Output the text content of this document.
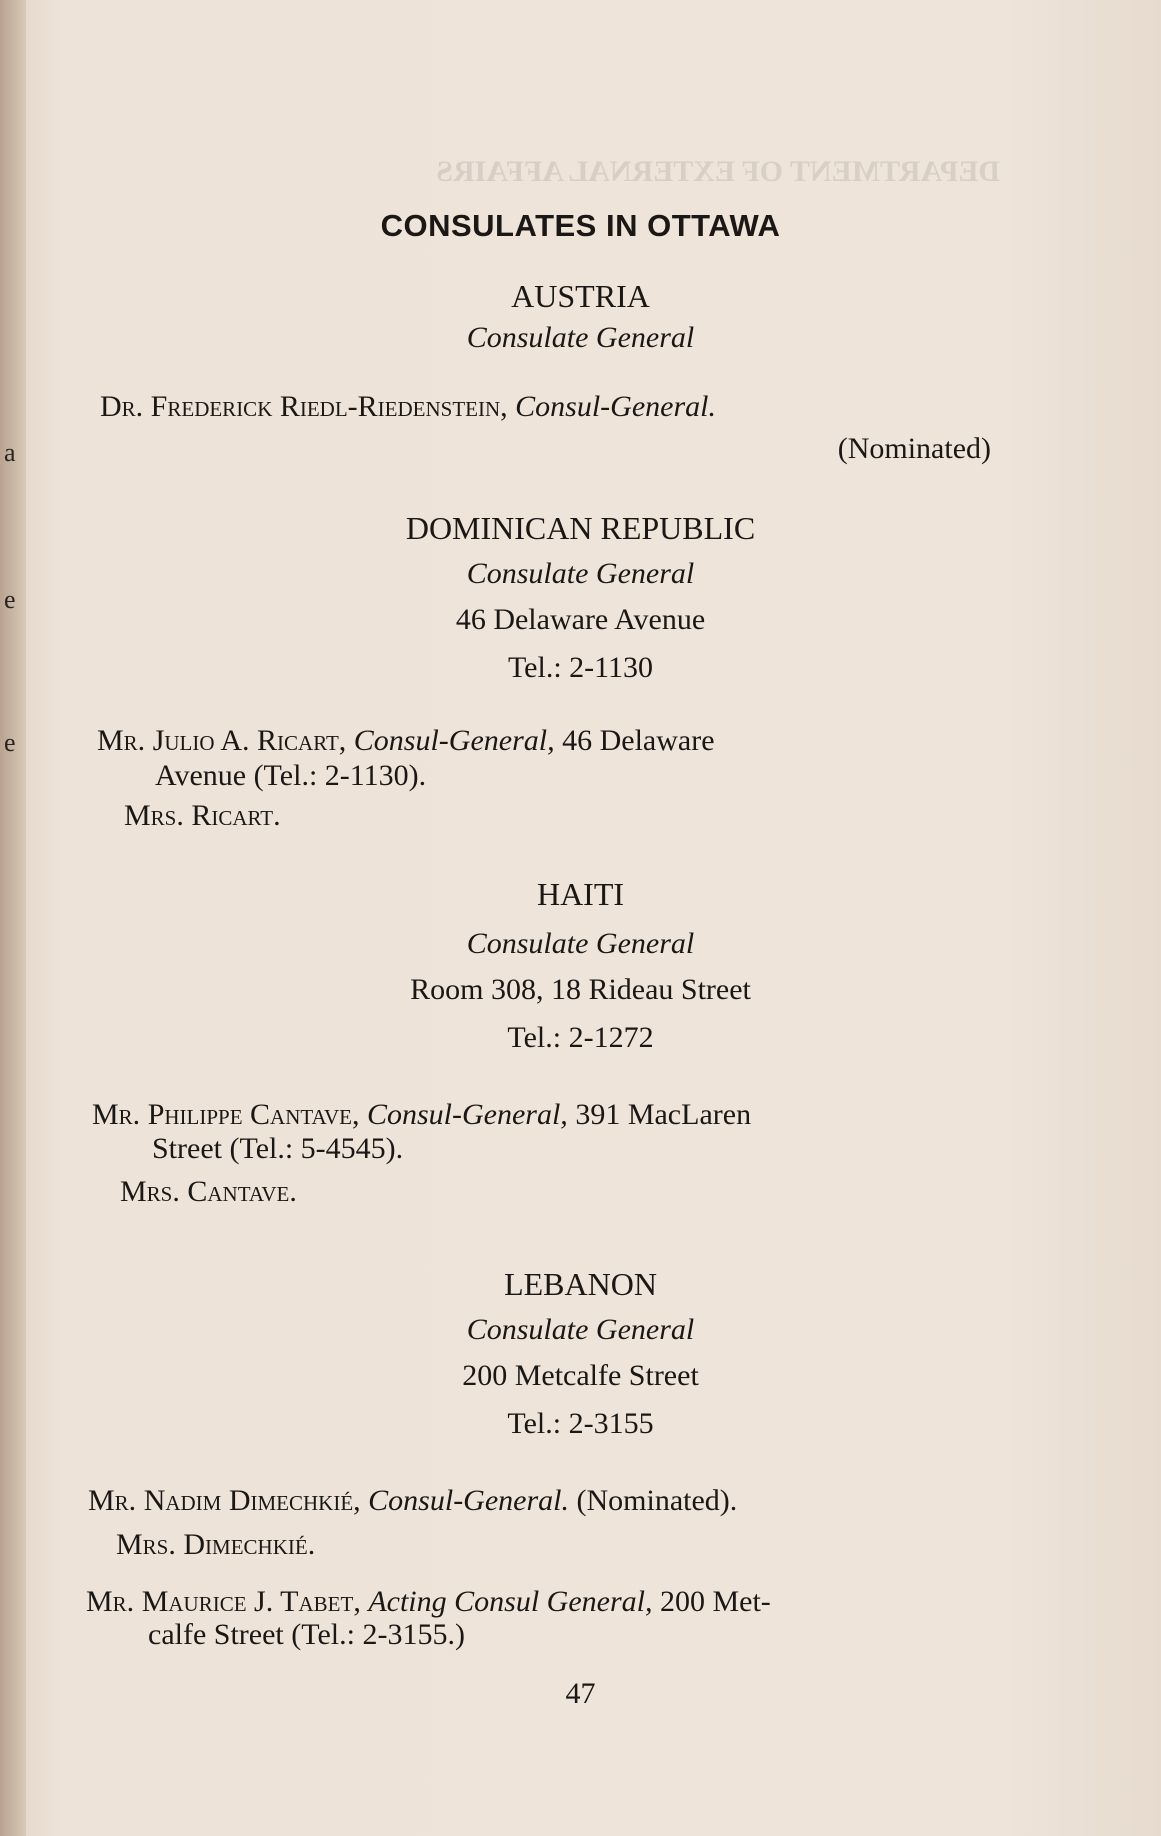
a
e
e
DEPARTMENT OF EXTERNAL AFFAIRS
CONSULATES IN OTTAWA
AUSTRIA
Consulate General
Dr. Frederick Riedl-Riedenstein, Consul-General.
(Nominated)
DOMINICAN REPUBLIC
Consulate General
46 Delaware Avenue
Tel.: 2-1130
Mr. Julio A. Ricart, Consul-General, 46 Delaware
Avenue (Tel.: 2-1130).
Mrs. Ricart.
HAITI
Consulate General
Room 308, 18 Rideau Street
Tel.: 2-1272
Mr. Philippe Cantave, Consul-General, 391 MacLaren
Street (Tel.: 5-4545).
Mrs. Cantave.
LEBANON
Consulate General
200 Metcalfe Street
Tel.: 2-3155
Mr. Nadim Dimechkié, Consul-General. (Nominated).
Mrs. Dimechkié.
Mr. Maurice J. Tabet, Acting Consul General, 200 Met-
calfe Street (Tel.: 2-3155.)
47
